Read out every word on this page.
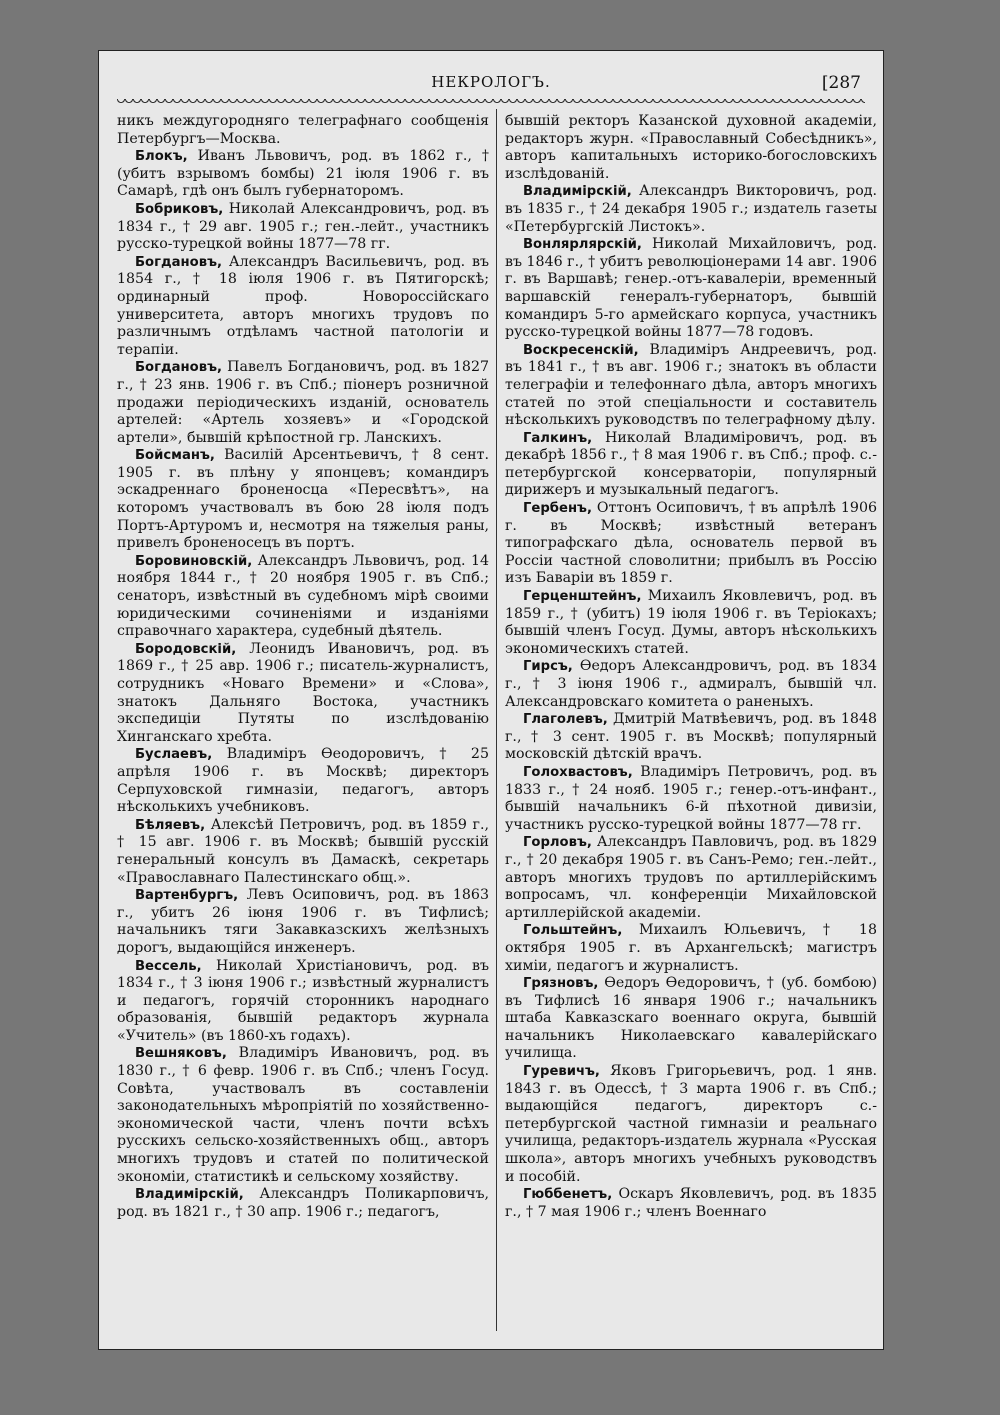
НЕКРОЛОГЪ.	[287

никъ междугородняго телеграфнаго сообщенія Петербургъ—Москва.

Блокъ, Иванъ Львовичъ, род. въ 1862 г., † (убитъ взрывомъ бомбы) 21 іюля 1906 г. въ Самарѣ, гдѣ онъ былъ губернаторомъ.

Бобриковъ, Николай Александровичъ, род. въ 1834 г., † 29 авг. 1905 г.; ген.-лейт., участникъ русско-турецкой войны 1877—78 гг.

Богдановъ, Александръ Васильевичъ, род. въ 1854 г., † 18 іюля 1906 г. въ Пятигорскѣ; ординарный проф. Новороссійскаго университета, авторъ многихъ трудовъ по различнымъ отдѣламъ частной патологіи и терапіи.

Богдановъ, Павелъ Богдановичъ, род. въ 1827 г., † 23 янв. 1906 г. въ Спб.; піонеръ розничной продажи періодическихъ изданій, основатель артелей: «Артель хозяевъ» и «Городской артели», бывшій крѣпостной гр. Ланскихъ.

Бойсманъ, Василій Арсентьевичъ, † 8 сент. 1905 г. въ плѣну у японцевъ; командиръ эскадреннаго броненосца «Пересвѣтъ», на которомъ участвовалъ въ бою 28 іюля подъ Портъ-Артуромъ и, несмотря на тяжелыя раны, привелъ броненосецъ въ портъ.

Боровиновскій, Александръ Львовичъ, род. 14 ноября 1844 г., † 20 ноября 1905 г. въ Спб.; сенаторъ, извѣстный въ судебномъ мірѣ своими юридическими сочиненіями и изданіями справочнаго характера, судебный дѣятель.

Бородовскій, Леонидъ Ивановичъ, род. въ 1869 г., † 25 авр. 1906 г.; писатель-журналистъ, сотрудникъ «Новаго Времени» и «Слова», знатокъ Дальняго Востока, участникъ экспедиціи Путяты по изслѣдованію Хинганскаго хребта.

Буслаевъ, Владиміръ Ѳеодоровичъ, † 25 апрѣля 1906 г. въ Москвѣ; директоръ Серпуховской гимназіи, педагогъ, авторъ нѣсколькихъ учебниковъ.

Бѣляевъ, Алексѣй Петровичъ, род. въ 1859 г., † 15 авг. 1906 г. въ Москвѣ; бывшій русскій генеральный консулъ въ Дамаскѣ, секретарь «Православнаго Палестинскаго общ.».

Вартенбургъ, Левъ Осиповичъ, род. въ 1863 г., убитъ 26 іюня 1906 г. въ Тифлисѣ; начальникъ тяги Закавказскихъ желѣзныхъ дорогъ, выдающійся инженеръ.

Вессель, Николай Христіановичъ, род. въ 1834 г., † 3 іюня 1906 г.; извѣстный журналистъ и педагогъ, горячій сторонникъ народнаго образованія, бывшій редакторъ журнала «Учитель» (въ 1860-хъ годахъ).

Вешняковъ, Владиміръ Ивановичъ, род. въ 1830 г., † 6 февр. 1906 г. въ Спб.; членъ Госуд. Совѣта, участвовалъ въ составленіи законодательныхъ мѣропріятій по хозяйственно-экономической части, членъ почти всѣхъ русскихъ сельско-хозяйственныхъ общ., авторъ многихъ трудовъ и статей по политической экономіи, статистикѣ и сельскому хозяйству.

Владимірскій, Александръ Поликарповичъ, род. въ 1821 г., † 30 апр. 1906 г.; педагогъ,

бывшій ректоръ Казанской духовной академіи, редакторъ журн. «Православный Собесѣдникъ», авторъ капитальныхъ историко-богословскихъ изслѣдованій.

Владимірскій, Александръ Викторовичъ, род. въ 1835 г., † 24 декабря 1905 г.; издатель газеты «Петербургскій Листокъ».

Вонлярлярскій, Николай Михайловичъ, род. въ 1846 г., † убитъ революціонерами 14 авг. 1906 г. въ Варшавѣ; генер.-отъ-кавалеріи, временный варшавскій генералъ-губернаторъ, бывшій командиръ 5-го армейскаго корпуса, участникъ русско-турецкой войны 1877—78 годовъ.

Воскресенскій, Владиміръ Андреевичъ, род. въ 1841 г., † въ авг. 1906 г.; знатокъ въ области телеграфіи и телефоннаго дѣла, авторъ многихъ статей по этой спеціальности и составитель нѣсколькихъ руководствъ по телеграфному дѣлу.

Галкинъ, Николай Владиміровичъ, род. въ декабрѣ 1856 г., † 8 мая 1906 г. въ Спб.; проф. с.-петербургской консерваторіи, популярный дирижеръ и музыкальный педагогъ.

Гербенъ, Оттонъ Осиповичъ, † въ апрѣлѣ 1906 г. въ Москвѣ; извѣстный ветеранъ типографскаго дѣла, основатель первой въ Россіи частной словолитни; прибылъ въ Россію изъ Баваріи въ 1859 г.

Герценштейнъ, Михаилъ Яковлевичъ, род. въ 1859 г., † (убитъ) 19 іюля 1906 г. въ Теріокахъ; бывшій членъ Госуд. Думы, авторъ нѣсколькихъ экономическихъ статей.

Гирсъ, Ѳедоръ Александровичъ, род. въ 1834 г., † 3 іюня 1906 г., адмиралъ, бывшій чл. Александровскаго комитета о раненыхъ.

Глаголевъ, Дмитрій Матвѣевичъ, род. въ 1848 г., † 3 сент. 1905 г. въ Москвѣ; популярный московскій дѣтскій врачъ.

Голохвастовъ, Владиміръ Петровичъ, род. въ 1833 г., † 24 нояб. 1905 г.; генер.-отъ-инфант., бывшій начальникъ 6-й пѣхотной дивизіи, участникъ русско-турецкой войны 1877—78 гг.

Горловъ, Александръ Павловичъ, род. въ 1829 г., † 20 декабря 1905 г. въ Санъ-Ремо; ген.-лейт., авторъ многихъ трудовъ по артиллерійскимъ вопросамъ, чл. конференціи Михайловской артиллерійской академіи.

Гольштейнъ, Михаилъ Юльевичъ, † 18 октября 1905 г. въ Архангельскѣ; магистръ химіи, педагогъ и журналистъ.

Грязновъ, Ѳедоръ Ѳедоровичъ, † (уб. бомбою) въ Тифлисѣ 16 января 1906 г.; начальникъ штаба Кавказскаго военнаго округа, бывшій начальникъ Николаевскаго кавалерійскаго училища.

Гуревичъ, Яковъ Григорьевичъ, род. 1 янв. 1843 г. въ Одессѣ, † 3 марта 1906 г. въ Спб.; выдающійся педагогъ, директоръ с.-петербургской частной гимназіи и реальнаго училища, редакторъ-издатель журнала «Русская школа», авторъ многихъ учебныхъ руководствъ и пособій.

Гюббенетъ, Оскаръ Яковлевичъ, род. въ 1835 г., † 7 мая 1906 г.; членъ Военнаго
